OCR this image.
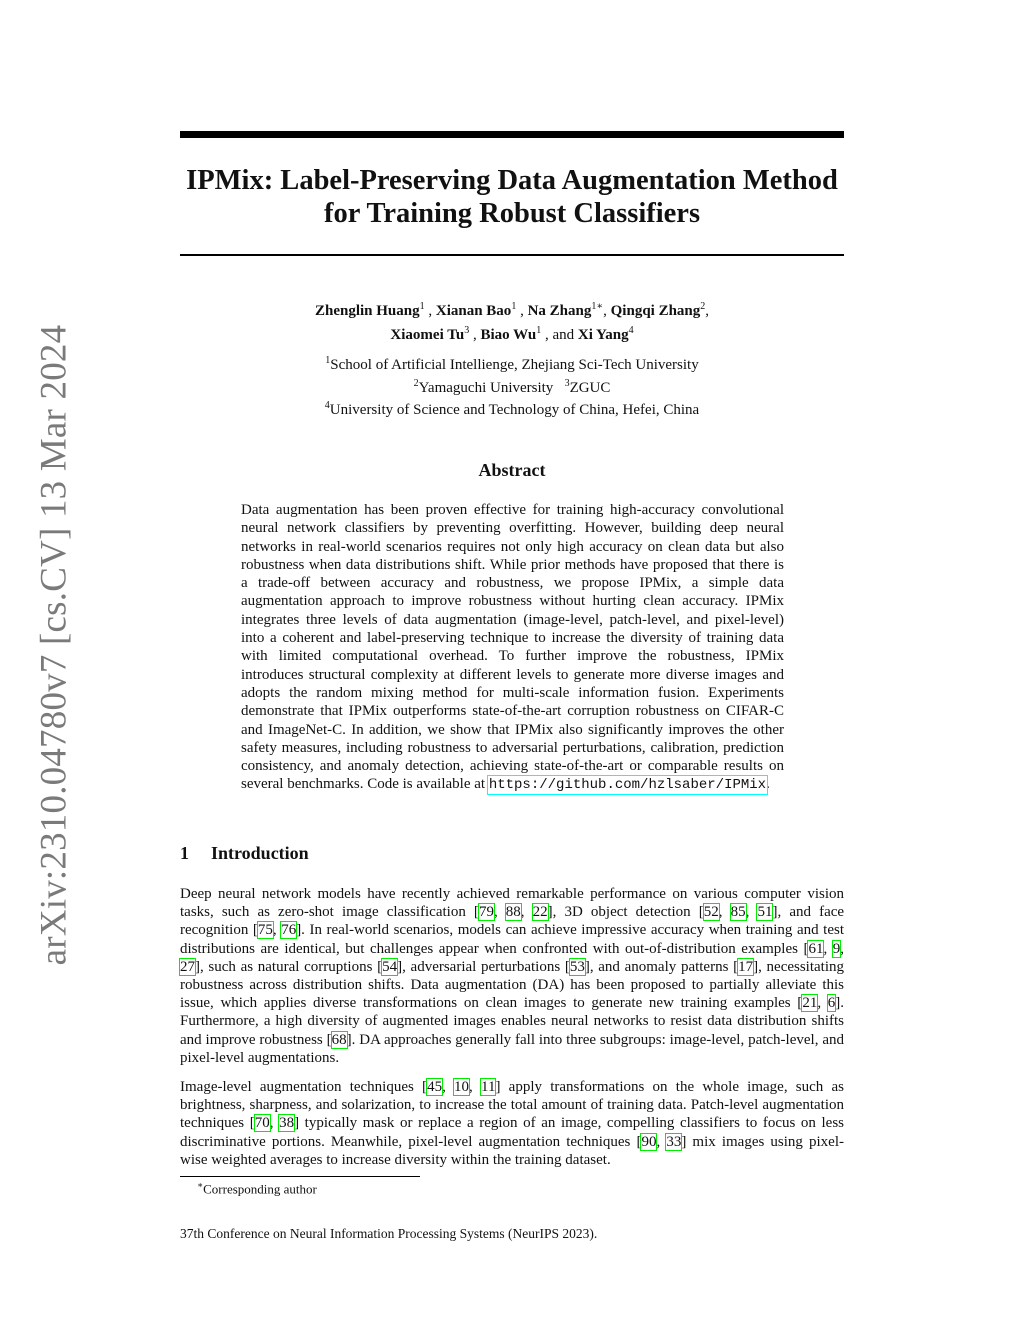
arXiv:2310.04780v7 [cs.CV] 13 Mar 2024
IPMix: Label-Preserving Data Augmentation Method
for Training Robust Classifiers
Zhenglin Huang$^1$ , Xianan Bao$^1$ , Na Zhang$^{1∗}$, Qingqi Zhang$^2$,
Xiaomei Tu$^3$ , Biao Wu$^1$ , and Xi Yang$^4$
$^1$School of Artificial Intellienge, Zhejiang Sci-Tech University
$^2$Yamaguchi University $^3$ZGUC
$^4$University of Science and Technology of China, Hefei, China
Abstract
Data augmentation has been proven effective for training high-accuracy convolutional neural network classifiers by preventing overfitting. However, building deep neural networks in real-world scenarios requires not only high accuracy on clean data but also robustness when data distributions shift. While prior methods have proposed that there is a trade-off between accuracy and robustness, we propose IPMix, a simple data augmentation approach to improve robustness without hurting clean accuracy. IPMix integrates three levels of data augmentation (image-level, patch-level, and pixel-level) into a coherent and label-preserving technique to increase the diversity of training data with limited computational overhead. To further improve the robustness, IPMix introduces structural complexity at different levels to generate more diverse images and adopts the random mixing method for multi-scale information fusion. Experiments demonstrate that IPMix outperforms state-of-the-art corruption robustness on CIFAR-C and ImageNet-C. In addition, we show that IPMix also significantly improves the other safety measures, including robustness to adversarial perturbations, calibration, prediction consistency, and anomaly detection, achieving state-of-the-art or comparable results on several benchmarks. Code is available at https://github.com/hzlsaber/IPMix.
1 Introduction

Deep neural network models have recently achieved remarkable performance on various computer vision tasks, such as zero-shot image classification [79, 88, 22], 3D object detection [52, 85, 51], and face recognition [75, 76]. In real-world scenarios, models can achieve impressive accuracy when training and test distributions are identical, but challenges appear when confronted with out-of-distribution examples [61, 9, 27], such as natural corruptions [54], adversarial perturbations [53], and anomaly patterns [17], necessitating robustness across distribution shifts. Data augmentation (DA) has been proposed to partially alleviate this issue, which applies diverse transformations on clean images to generate new training examples [21, 6]. Furthermore, a high diversity of augmented images enables neural networks to resist data distribution shifts and improve robustness [68]. DA approaches generally fall into three subgroups: image-level, patch-level, and pixel-level augmentations.

Image-level augmentation techniques [45, 10, 11] apply transformations on the whole image, such as brightness, sharpness, and solarization, to increase the total amount of training data. Patch-level augmentation techniques [70, 38] typically mask or replace a region of an image, compelling classifiers to focus on less discriminative portions. Meanwhile, pixel-level augmentation techniques [90, 33] mix images using pixel-wise weighted averages to increase diversity within the training dataset.

∗Corresponding author
37th Conference on Neural Information Processing Systems (NeurIPS 2023).
